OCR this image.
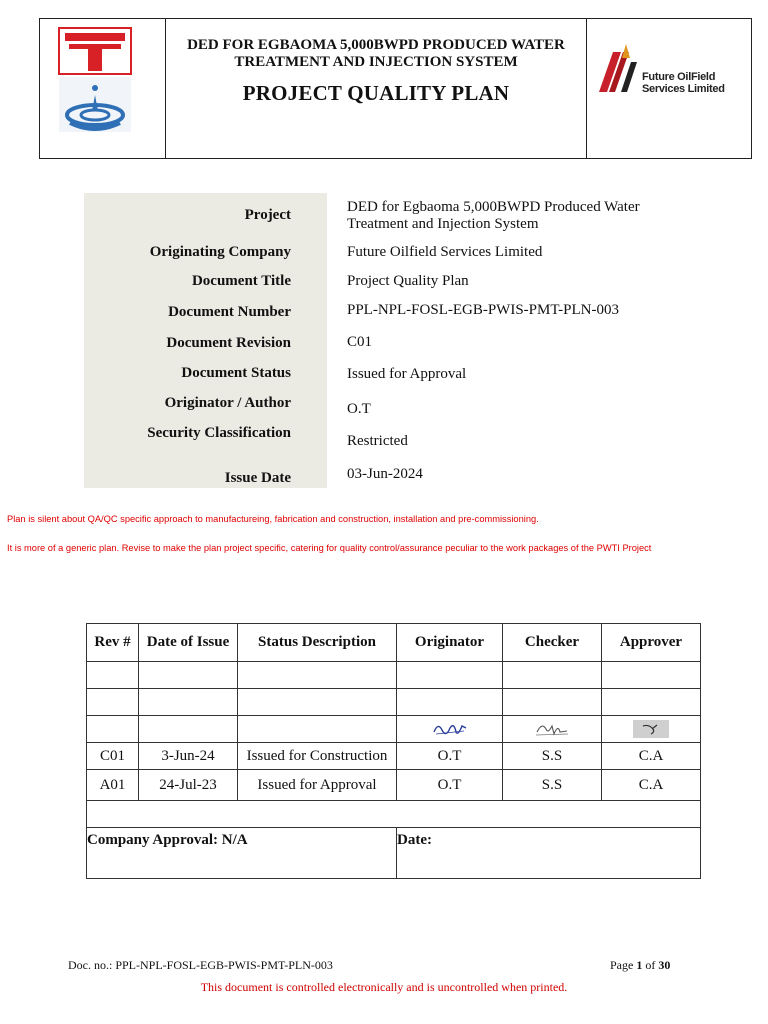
DED FOR EGBAOMA 5,000BWPD PRODUCED WATER
TREATMENT AND INJECTION SYSTEM
PROJECT QUALITY PLAN
Future OilField
Services Limited
Project	DED for Egbaoma 5,000BWPD Produced Water
Treatment and Injection System
Originating Company	Future Oilfield Services Limited
Document Title	Project Quality Plan
Document Number	PPL-NPL-FOSL-EGB-PWIS-PMT-PLN-003
Document Revision	C01
Document Status	Issued for Approval
Originator / Author	O.T
Security Classification	Restricted
Issue Date	03-Jun-2024
Plan is silent about QA/QC specific approach to manufactureing, fabrication and construction, installation and pre-commissioning.
It is more of a generic plan. Revise to make the plan project specific, catering for quality control/assurance peculiar to the work packages of the PWTI Project
Rev #	Date of Issue	Status Description	Originator	Checker	Approver

C01	3-Jun-24	Issued for Construction	O.T	S.S	C.A
A01	24-Jul-23	Issued for Approval	O.T	S.S	C.A

Company Approval: N/A			Date:		
Doc. no.: PPL-NPL-FOSL-EGB-PWIS-PMT-PLN-003	Page 1 of 30
This document is controlled electronically and is uncontrolled when printed.
